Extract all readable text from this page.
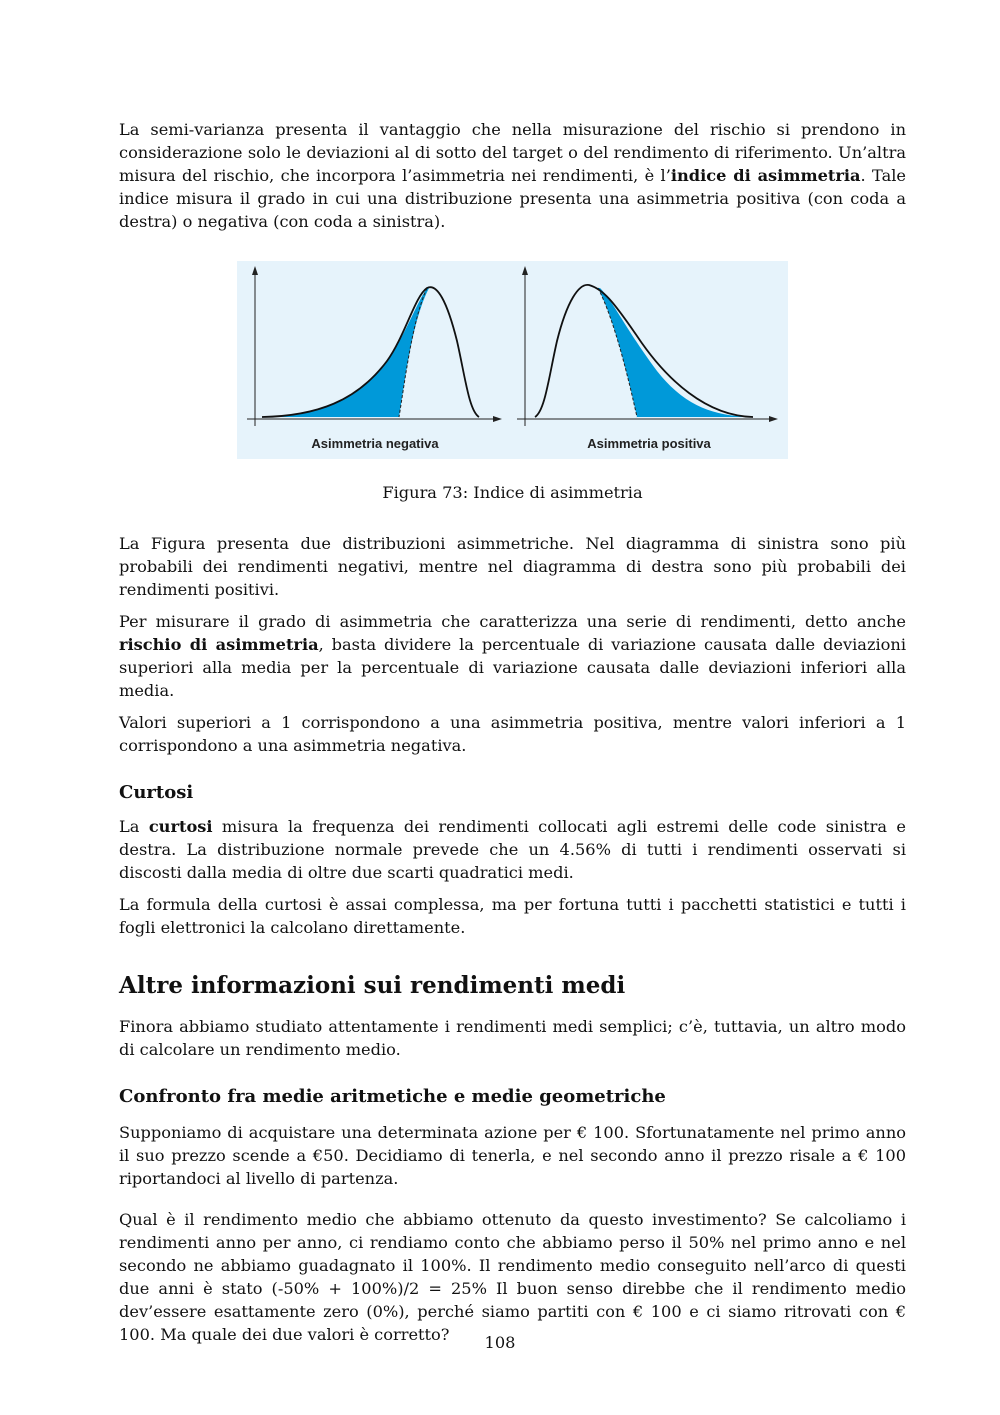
La semi-varianza presenta il vantaggio che nella misurazione del rischio si prendono in considerazione solo le deviazioni al di sotto del target o del rendimento di riferimento. Un’altra misura del rischio, che incorpora l’asimmetria nei rendimenti, è l’indice di asimmetria. Tale indice misura il grado in cui una distribuzione presenta una asimmetria positiva (con coda a destra) o negativa (con coda a sinistra).

Asimmetria negativa	Asimmetria positiva
Figura 73: Indice di asimmetria

La Figura presenta due distribuzioni asimmetriche. Nel diagramma di sinistra sono più probabili dei rendimenti negativi, mentre nel diagramma di destra sono più probabili dei rendimenti positivi.

Per misurare il grado di asimmetria che caratterizza una serie di rendimenti, detto anche rischio di asimmetria, basta dividere la percentuale di variazione causata dalle deviazioni superiori alla media per la percentuale di variazione causata dalle deviazioni inferiori alla media.

Valori superiori a 1 corrispondono a una asimmetria positiva, mentre valori inferiori a 1 corrispondono a una asimmetria negativa.

Curtosi

La curtosi misura la frequenza dei rendimenti collocati agli estremi delle code sinistra e destra. La distribuzione normale prevede che un 4.56% di tutti i rendimenti osservati si discosti dalla media di oltre due scarti quadratici medi.

La formula della curtosi è assai complessa, ma per fortuna tutti i pacchetti statistici e tutti i fogli elettronici la calcolano direttamente.

Altre informazioni sui rendimenti medi

Finora abbiamo studiato attentamente i rendimenti medi semplici; c’è, tuttavia, un altro modo di calcolare un rendimento medio.

Confronto fra medie aritmetiche e medie geometriche

Supponiamo di acquistare una determinata azione per € 100. Sfortunatamente nel primo anno il suo prezzo scende a €50. Decidiamo di tenerla, e nel secondo anno il prezzo risale a € 100 riportandoci al livello di partenza.

Qual è il rendimento medio che abbiamo ottenuto da questo investimento? Se calcoliamo i rendimenti anno per anno, ci rendiamo conto che abbiamo perso il 50% nel primo anno e nel secondo ne abbiamo guadagnato il 100%. Il rendimento medio conseguito nell’arco di questi due anni è stato (-50% + 100%)/2 = 25% Il buon senso direbbe che il rendimento medio dev’essere esattamente zero (0%), perché siamo partiti con € 100 e ci siamo ritrovati con € 100. Ma quale dei due valori è corretto?	108
